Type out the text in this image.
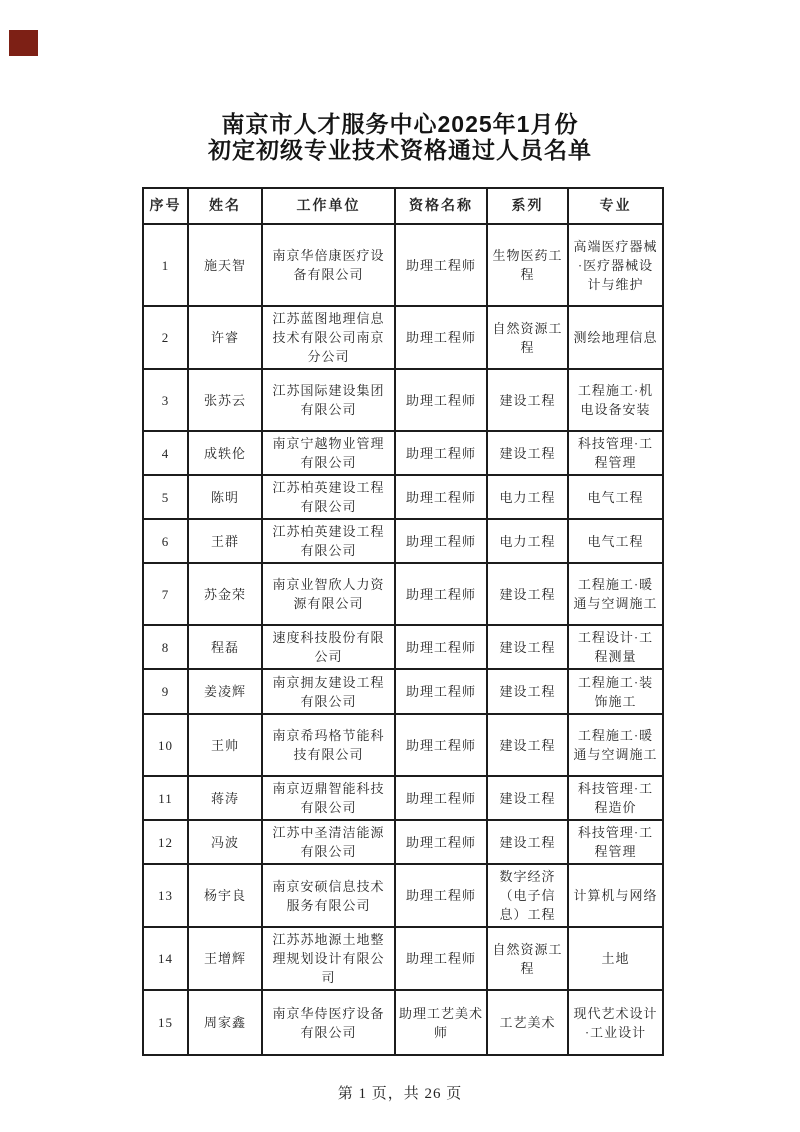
南京市人才服务中心2025年1月份
初定初级专业技术资格通过人员名单
序号	姓名	工作单位	资格名称	系列	专业
1	施天智	南京华倍康医疗设备有限公司	助理工程师	生物医药工程	高端医疗器械·医疗器械设计与维护
2	许睿	江苏蓝图地理信息技术有限公司南京分公司	助理工程师	自然资源工程	测绘地理信息
3	张苏云	江苏国际建设集团有限公司	助理工程师	建设工程	工程施工·机电设备安装
4	成轶伦	南京宁越物业管理有限公司	助理工程师	建设工程	科技管理·工程管理
5	陈明	江苏柏英建设工程有限公司	助理工程师	电力工程	电气工程
6	王群	江苏柏英建设工程有限公司	助理工程师	电力工程	电气工程
7	苏金荣	南京业智欣人力资源有限公司	助理工程师	建设工程	工程施工·暖通与空调施工
8	程磊	速度科技股份有限公司	助理工程师	建设工程	工程设计·工程测量
9	姜凌辉	南京拥友建设工程有限公司	助理工程师	建设工程	工程施工·装饰施工
10	王帅	南京希玛格节能科技有限公司	助理工程师	建设工程	工程施工·暖通与空调施工
11	蒋涛	南京迈鼎智能科技有限公司	助理工程师	建设工程	科技管理·工程造价
12	冯波	江苏中圣清洁能源有限公司	助理工程师	建设工程	科技管理·工程管理
13	杨宇良	南京安硕信息技术服务有限公司	助理工程师	数字经济（电子信息）工程	计算机与网络
14	王增辉	江苏苏地源土地整理规划设计有限公司	助理工程师	自然资源工程	土地
15	周家鑫	南京华侍医疗设备有限公司	助理工艺美术师	工艺美术	现代艺术设计·工业设计
第 1 页，共 26 页
